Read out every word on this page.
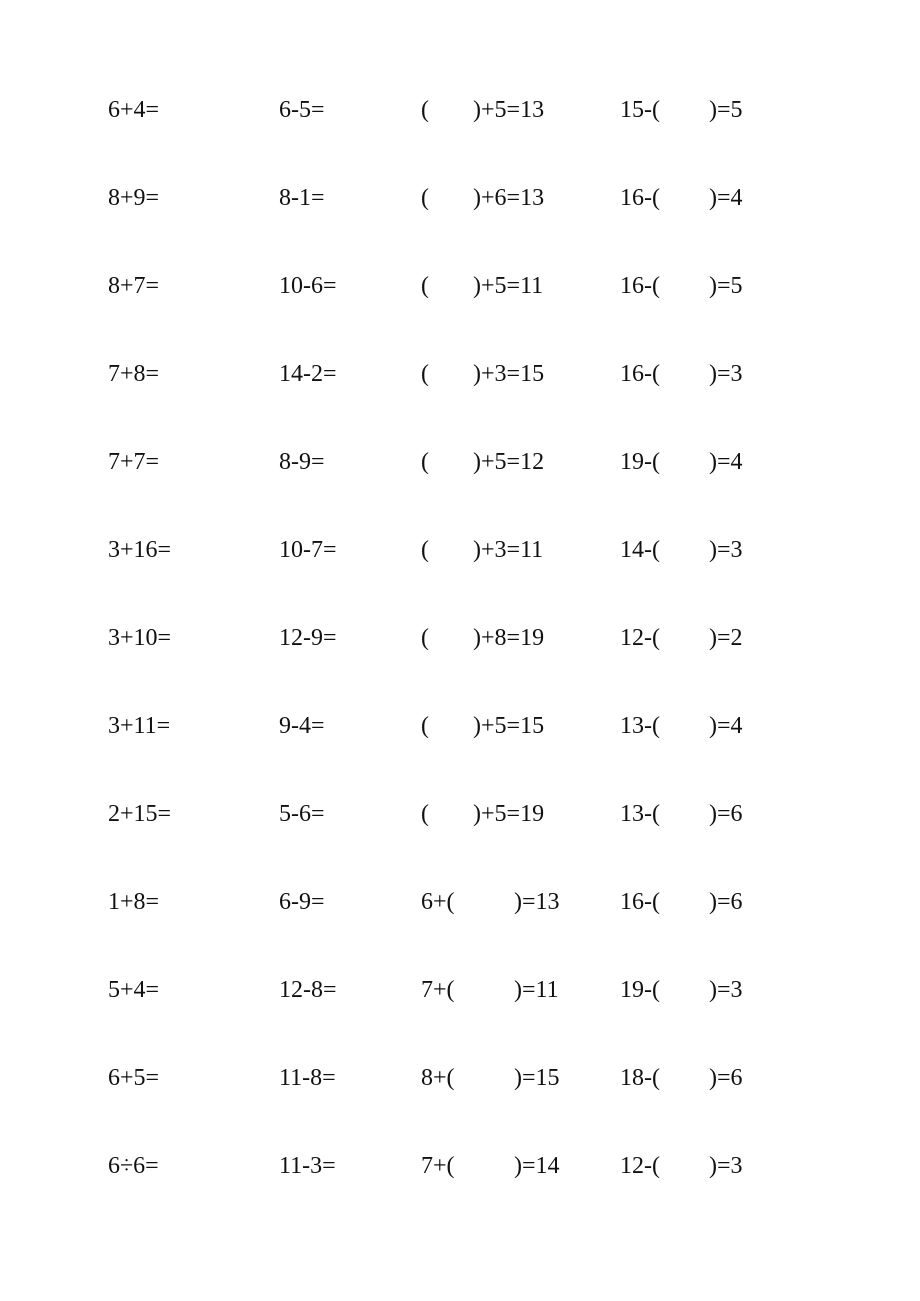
6+4=	6-5=	( )+5=13	15-( )=5
8+9=	8-1=	( )+6=13	16-( )=4
8+7=	10-6=	( )+5=11	16-( )=5
7+8=	14-2=	( )+3=15	16-( )=3
7+7=	8-9=	( )+5=12	19-( )=4
3+16=	10-7=	( )+3=11	14-( )=3
3+10=	12-9=	( )+8=19	12-( )=2
3+11=	9-4=	( )+5=15	13-( )=4
2+15=	5-6=	( )+5=19	13-( )=6
1+8=	6-9=	6+( )=13	16-( )=6
5+4=	12-8=	7+( )=11	19-( )=3
6+5=	11-8=	8+( )=15	18-( )=6
6÷6=	11-3=	7+( )=14	12-( )=3
